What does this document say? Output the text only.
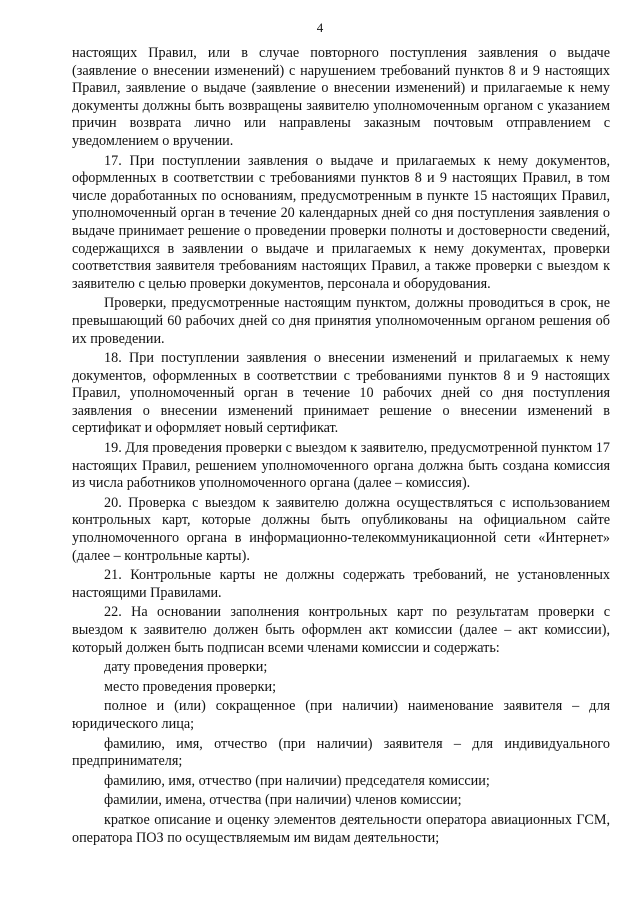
4

настоящих Правил, или в случае повторного поступления заявления о выдаче (заявление о внесении изменений) с нарушением требований пунктов 8 и 9 настоящих Правил, заявление о выдаче (заявление о внесении изменений) и прилагаемые к нему документы должны быть возвращены заявителю уполномоченным органом с указанием причин возврата лично или направлены заказным почтовым отправлением с уведомлением о вручении.

17. При поступлении заявления о выдаче и прилагаемых к нему документов, оформленных в соответствии с требованиями пунктов 8 и 9 настоящих Правил, в том числе доработанных по основаниям, предусмотренным в пункте 15 настоящих Правил, уполномоченный орган в течение 20 календарных дней со дня поступления заявления о выдаче принимает решение о проведении проверки полноты и достоверности сведений, содержащихся в заявлении о выдаче и прилагаемых к нему документах, проверки соответствия заявителя требованиям настоящих Правил, а также проверки с выездом к заявителю с целью проверки документов, персонала и оборудования.

Проверки, предусмотренные настоящим пунктом, должны проводиться в срок, не превышающий 60 рабочих дней со дня принятия уполномоченным органом решения об их проведении.

18. При поступлении заявления о внесении изменений и прилагаемых к нему документов, оформленных в соответствии с требованиями пунктов 8 и 9 настоящих Правил, уполномоченный орган в течение 10 рабочих дней со дня поступления заявления о внесении изменений принимает решение о внесении изменений в сертификат и оформляет новый сертификат.

19. Для проведения проверки с выездом к заявителю, предусмотренной пунктом 17 настоящих Правил, решением уполномоченного органа должна быть создана комиссия из числа работников уполномоченного органа (далее – комиссия).

20. Проверка с выездом к заявителю должна осуществляться с использованием контрольных карт, которые должны быть опубликованы на официальном сайте уполномоченного органа в информационно-телекоммуникационной сети «Интернет» (далее – контрольные карты).

21. Контрольные карты не должны содержать требований, не установленных настоящими Правилами.

22. На основании заполнения контрольных карт по результатам проверки с выездом к заявителю должен быть оформлен акт комиссии (далее – акт комиссии), который должен быть подписан всеми членами комиссии и содержать:

дату проведения проверки;

место проведения проверки;

полное и (или) сокращенное (при наличии) наименование заявителя – для юридического лица;

фамилию, имя, отчество (при наличии) заявителя – для индивидуального предпринимателя;

фамилию, имя, отчество (при наличии) председателя комиссии;

фамилии, имена, отчества (при наличии) членов комиссии;

краткое описание и оценку элементов деятельности оператора авиационных ГСМ, оператора ПОЗ по осуществляемым им видам деятельности;
